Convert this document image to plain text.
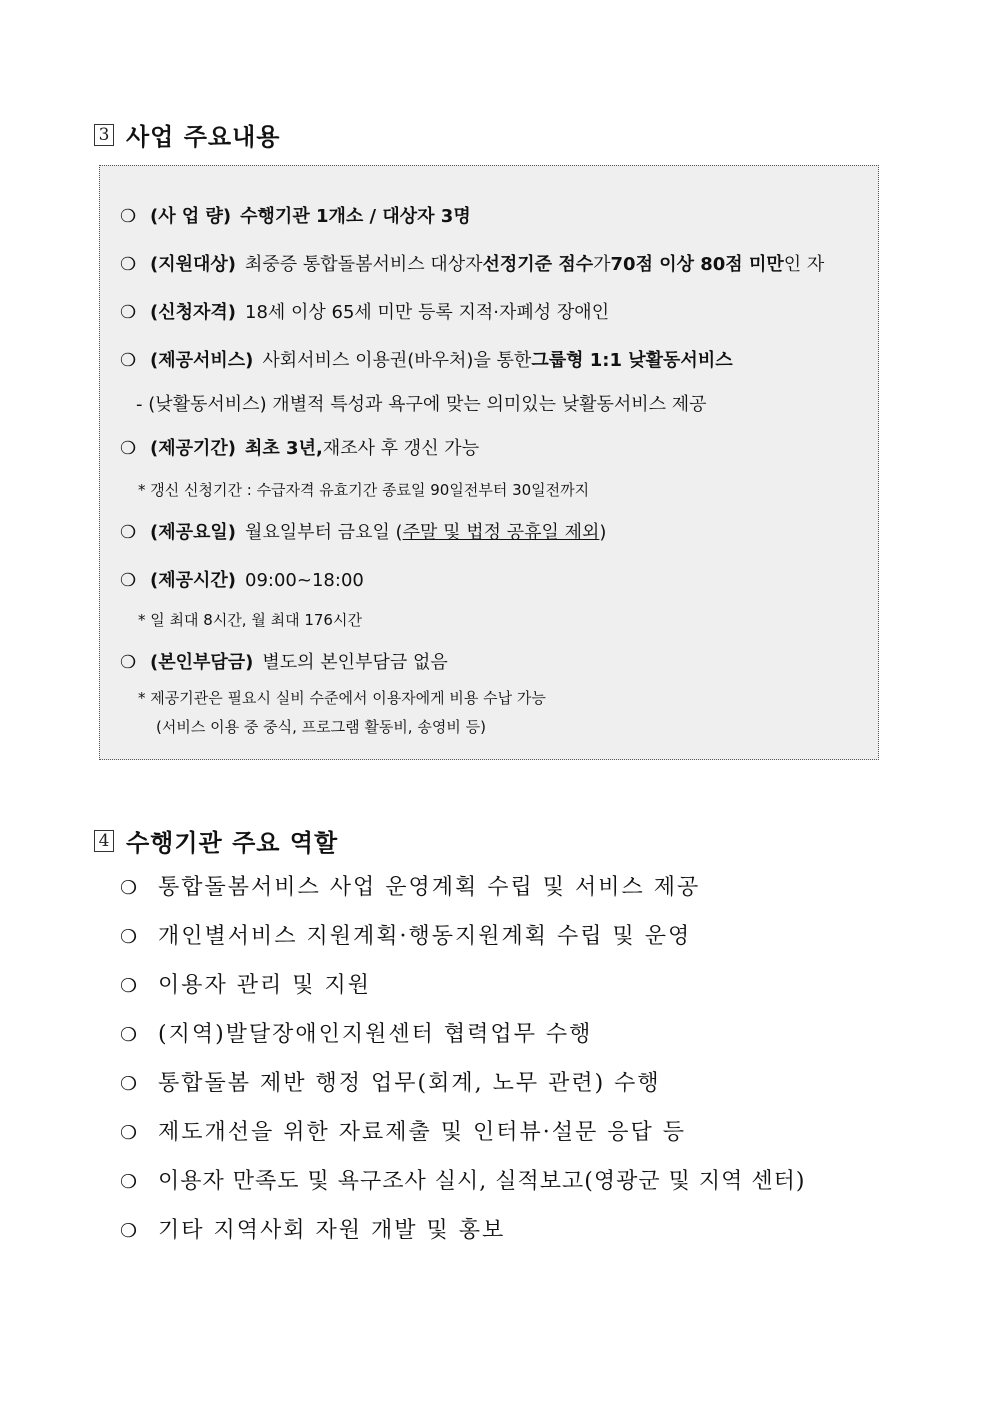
3 사업 주요내용
❍ (사 업 량) 수행기관 1개소 / 대상자 3명
❍ (지원대상) 최중증 통합돌봄서비스 대상자 선정기준 점수 가 70점 이상 80점 미만 인 자
❍ (신청자격) 18세 이상 65세 미만 등록 지적·자폐성 장애인
❍ (제공서비스) 사회서비스 이용권(바우처)을 통한 그룹형 1:1 낮활동서비스
- (낮활동서비스) 개별적 특성과 욕구에 맞는 의미있는 낮활동서비스 제공
❍ (제공기간) 최초 3년, 재조사 후 갱신 가능
* 갱신 신청기간 : 수급자격 유효기간 종료일 90일전부터 30일전까지
❍ (제공요일) 월요일부터 금요일 ( 주말 및 법정 공휴일 제외 )
❍ (제공시간) 09:00~18:00
* 일 최대 8시간, 월 최대 176시간
❍ (본인부담금) 별도의 본인부담금 없음
* 제공기관은 필요시 실비 수준에서 이용자에게 비용 수납 가능
(서비스 이용 중 중식, 프로그램 활동비, 송영비 등)
4 수행기관 주요 역할
❍ 통합돌봄서비스 사업 운영계획 수립 및 서비스 제공
❍ 개인별서비스 지원계획·행동지원계획 수립 및 운영
❍ 이용자 관리 및 지원
❍ (지역)발달장애인지원센터 협력업무 수행
❍ 통합돌봄 제반 행정 업무(회계, 노무 관련) 수행
❍ 제도개선을 위한 자료제출 및 인터뷰·설문 응답 등
❍ 이용자 만족도 및 욕구조사 실시, 실적보고(영광군 및 지역 센터)
❍ 기타 지역사회 자원 개발 및 홍보
